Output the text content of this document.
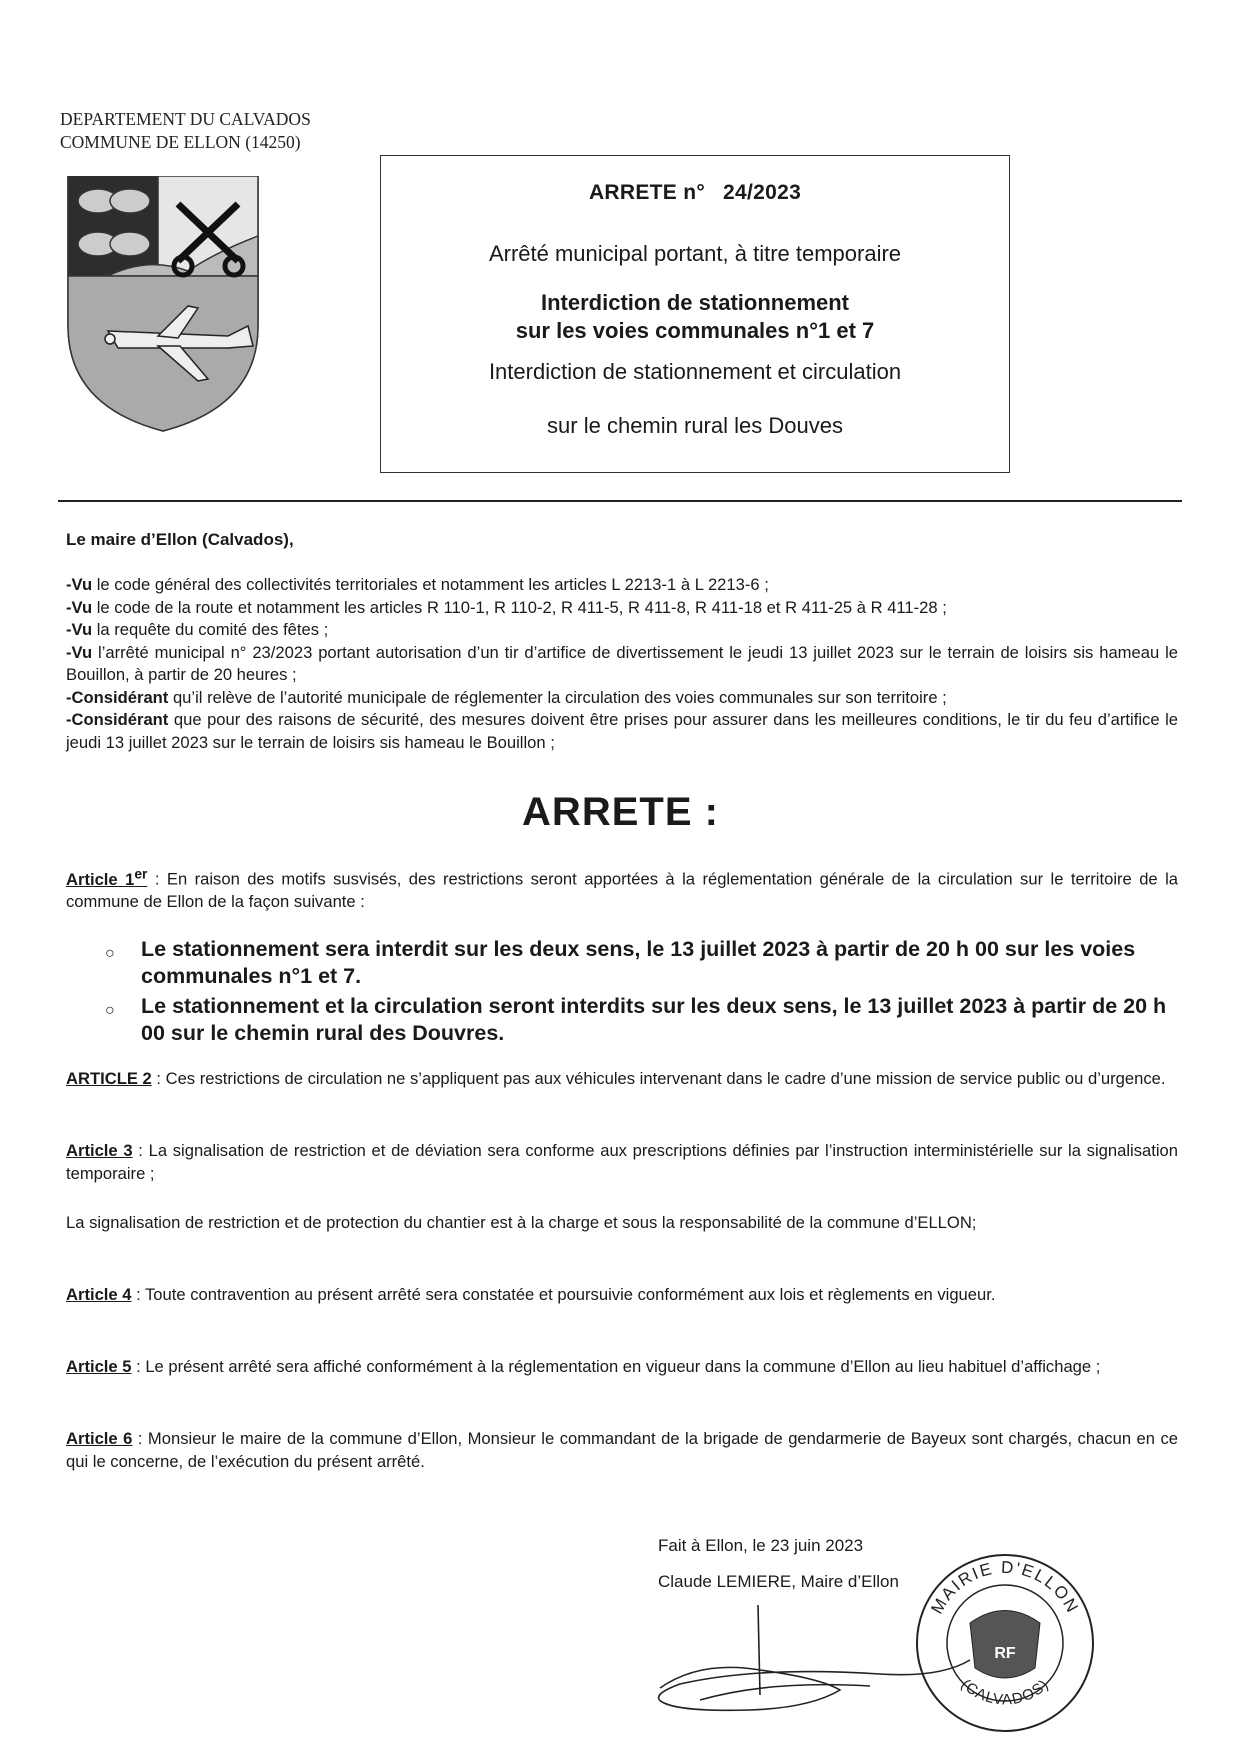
DEPARTEMENT DU CALVADOS
COMMUNE DE ELLON (14250)
ARRETE n° 24/2023
Arrêté municipal portant, à titre temporaire
Interdiction de stationnement
sur les voies communales n°1 et 7
Interdiction de stationnement et circulation
sur le chemin rural les Douves
Le maire d’Ellon (Calvados),

-Vu le code général des collectivités territoriales et notamment les articles L 2213-1 à L 2213-6 ;

-Vu le code de la route et notamment les articles R 110-1, R 110-2, R 411-5, R 411-8, R 411-18 et R 411-25 à R 411-28 ;

-Vu la requête du comité des fêtes ;

-Vu l’arrêté municipal n° 23/2023 portant autorisation d’un tir d’artifice de divertissement le jeudi 13 juillet 2023 sur le terrain de loisirs sis hameau le Bouillon, à partir de 20 heures ;

-Considérant qu’il relève de l’autorité municipale de réglementer la circulation des voies communales sur son territoire ;

-Considérant que pour des raisons de sécurité, des mesures doivent être prises pour assurer dans les meilleures conditions, le tir du feu d’artifice le jeudi 13 juillet 2023 sur le terrain de loisirs sis hameau le Bouillon ;

ARRETE :

Article 1er : En raison des motifs susvisés, des restrictions seront apportées à la réglementation générale de la circulation sur le territoire de la commune de Ellon de la façon suivante :

○	Le stationnement sera interdit sur les deux sens, le 13 juillet 2023 à partir de 20 h 00 sur les voies communales n°1 et 7.
○	Le stationnement et la circulation seront interdits sur les deux sens, le 13 juillet 2023 à partir de 20 h 00 sur le chemin rural des Douvres.

ARTICLE 2 : Ces restrictions de circulation ne s’appliquent pas aux véhicules intervenant dans le cadre d’une mission de service public ou d’urgence.

Article 3 : La signalisation de restriction et de déviation sera conforme aux prescriptions définies par l’instruction interministérielle sur la signalisation temporaire ;

La signalisation de restriction et de protection du chantier est à la charge et sous la responsabilité de la commune d’ELLON;

Article 4 : Toute contravention au présent arrêté sera constatée et poursuivie conformément aux lois et règlements en vigueur.

Article 5 : Le présent arrêté sera affiché conformément à la réglementation en vigueur dans la commune d’Ellon au lieu habituel d’affichage ;

Article 6 : Monsieur le maire de la commune d’Ellon, Monsieur le commandant de la brigade de gendarmerie de Bayeux sont chargés, chacun en ce qui le concerne, de l’exécution du présent arrêté.

Fait à Ellon, le 23 juin 2023
Claude LEMIERE, Maire d’Ellon
MAIRIE D'ELLON
(CALVADOS)
RF
